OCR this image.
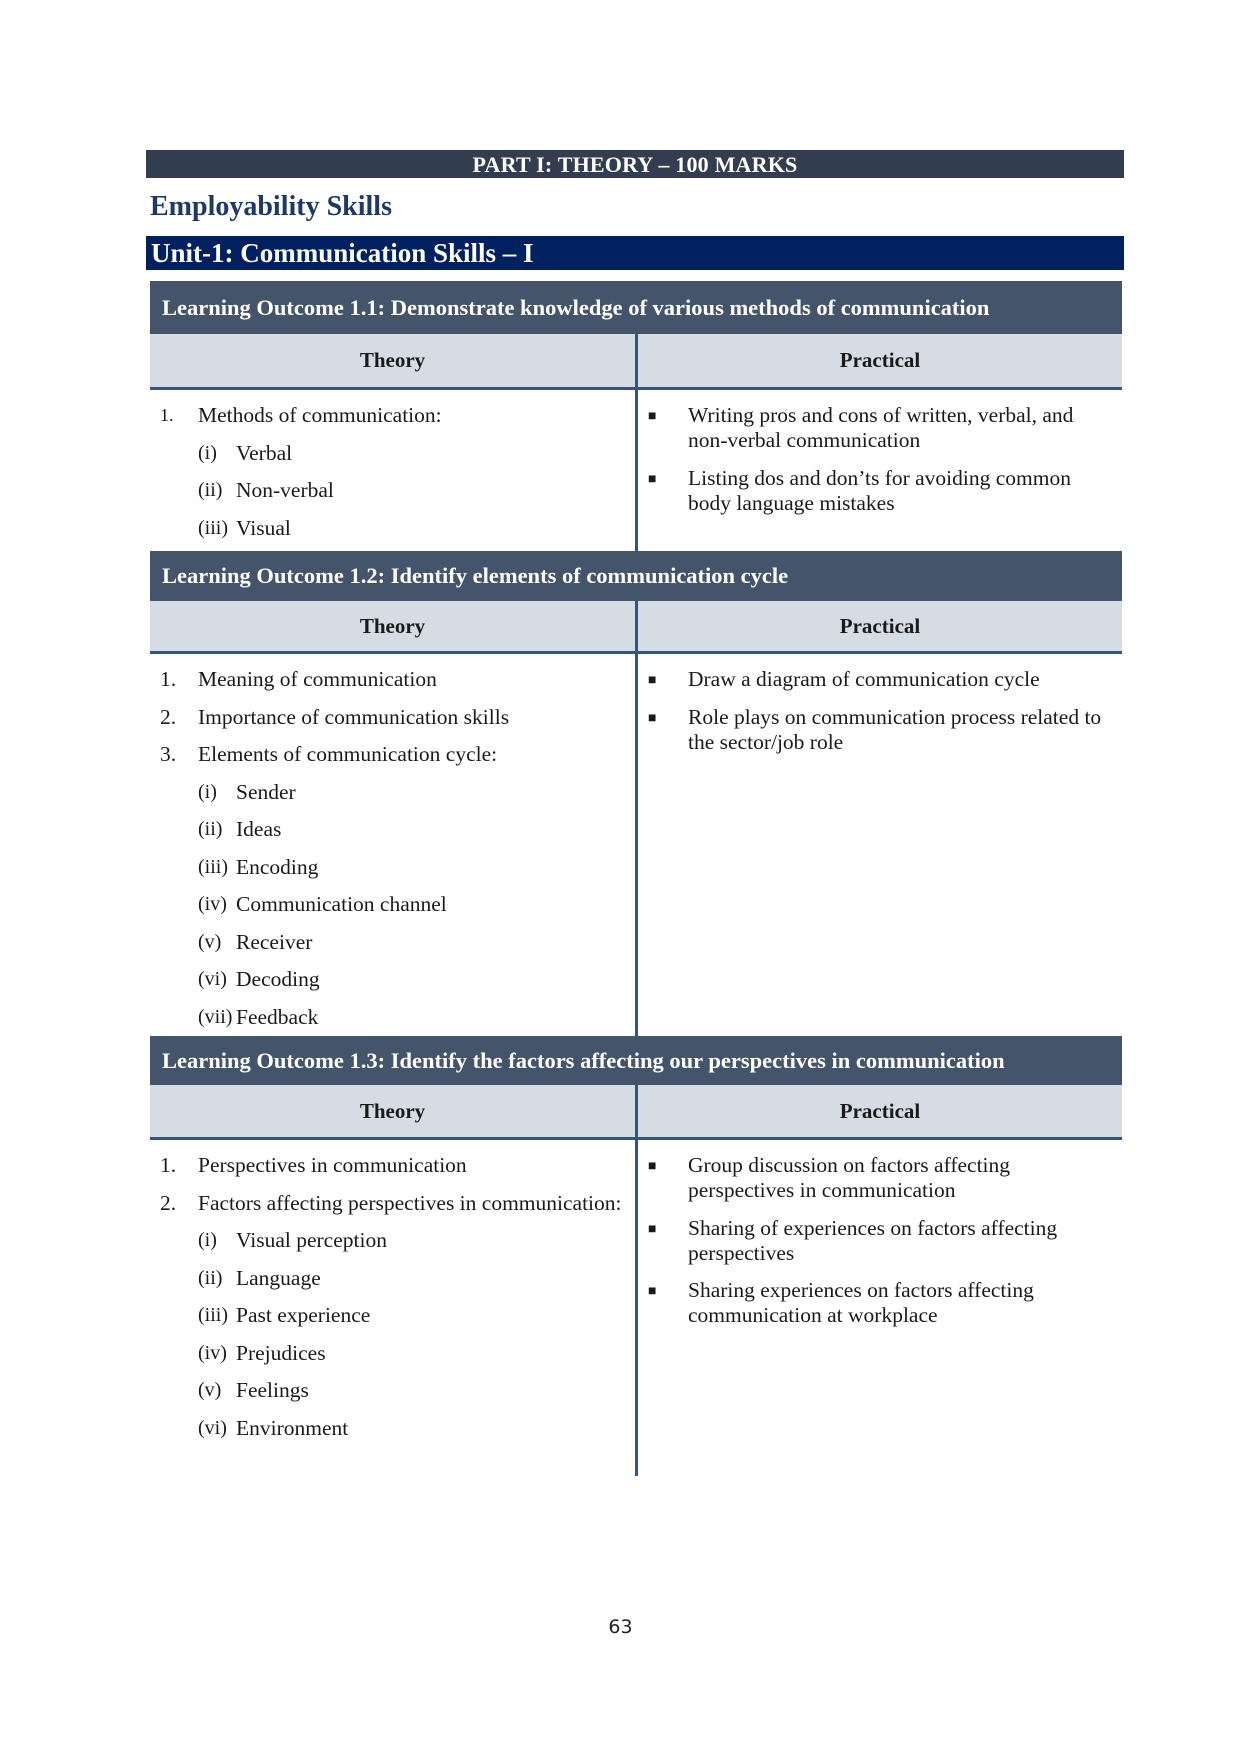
PART I: THEORY – 100 MARKS
Employability Skills
Unit-1: Communication Skills – I
Learning Outcome 1.1: Demonstrate knowledge of various methods of communication
Theory	Practical
1.	Methods of communication:
(i) Verbal
(ii) Non-verbal
(iii) Visual
■	Writing pros and cons of written, verbal, and non-verbal communication
■	Listing dos and don’ts for avoiding common body language mistakes
Learning Outcome 1.2: Identify elements of communication cycle
Theory	Practical
1.	Meaning of communication
2.	Importance of communication skills
3.	Elements of communication cycle:
(i) Sender
(ii) Ideas
(iii) Encoding
(iv) Communication channel
(v) Receiver
(vi) Decoding
(vii) Feedback
■	Draw a diagram of communication cycle
■	Role plays on communication process related to the sector/job role
Learning Outcome 1.3: Identify the factors affecting our perspectives in communication
Theory	Practical
1.	Perspectives in communication
2.	Factors affecting perspectives in communication:
(i) Visual perception
(ii) Language
(iii) Past experience
(iv) Prejudices
(v) Feelings
(vi) Environment
■	Group discussion on factors affecting perspectives in communication
■	Sharing of experiences on factors affecting perspectives
■	Sharing experiences on factors affecting communication at workplace
63
